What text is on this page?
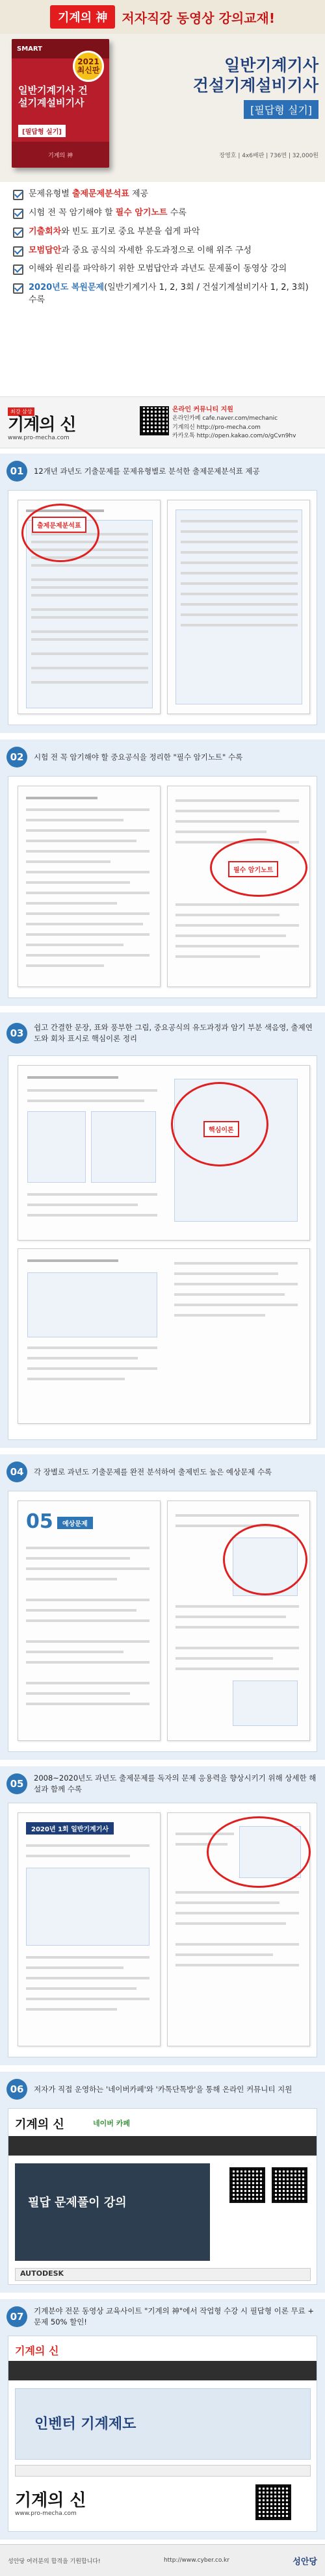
기계의 神	저자직강 동영상 강의교재!
SMART
2021
최신판
일반기계기사 건설기계설비기사
[필답형 실기]
기계의 神
일반기계기사
건설기계설비기사
[필답형 실기]
장영호 | 4x6배판 | 736면 | 32,000원
문제유형별 출제문제분석표 제공
시험 전 꼭 암기해야 할 필수 암기노트 수록
기출회차와 빈도 표기로 중요 부분을 쉽게 파악
모범답안과 중요 공식의 자세한 유도과정으로 이해 위주 구성
이해와 원리를 파악하기 위한 모범답안과 과년도 문제풀이 동영상 강의
2020년도 복원문제(일반기계기사 1, 2, 3회 / 건설기계설비기사 1, 2, 3회) 수록
최강 삼상
기계의 신
www.pro-mecha.com
온라인 커뮤니티 지원
온라인카페 cafe.naver.com/mechanic
기계의신 http://pro-mecha.com
카카오톡 http://open.kakao.com/o/gCvn9hv
01	12개년 과년도 기출문제를 문제유형별로 분석한 출제문제분석표 제공
출제문제분석표
02	시험 전 꼭 암기해야 할 중요공식을 정리한 "필수 암기노트" 수록
필수 암기노트
03	쉽고 간결한 문장, 표와 풍부한 그림, 중요공식의 유도과정과 암기 부분 색음영, 출제연도와 회차 표시로 핵심이론 정리
핵심이론
04	각 장별로 과년도 기출문제를 완전 분석하여 출제빈도 높은 예상문제 수록
05	예상문제
05	2008~2020년도 과년도 출제문제를 독자의 문제 응용력을 향상시키기 위해 상세한 해설과 함께 수록
2020년 1회 일반기계기사
06	저자가 직접 운영하는 '네이버카페'와 '카톡단톡방'을 통해 온라인 커뮤니티 지원
기계의 신	네이버 카페
필답 문제풀이 강의
AUTODESK
07	기계분야 전문 동영상 교육사이트 "기계의 神"에서 작업형 수강 시 필답형 이론 무료 + 문제 50% 할인!
기계의 신
인벤터 기계제도
기계의 신
www.pro-mecha.com
성안당 여러분의 합격을 기원합니다!	http://www.cyber.co.kr	성안당
